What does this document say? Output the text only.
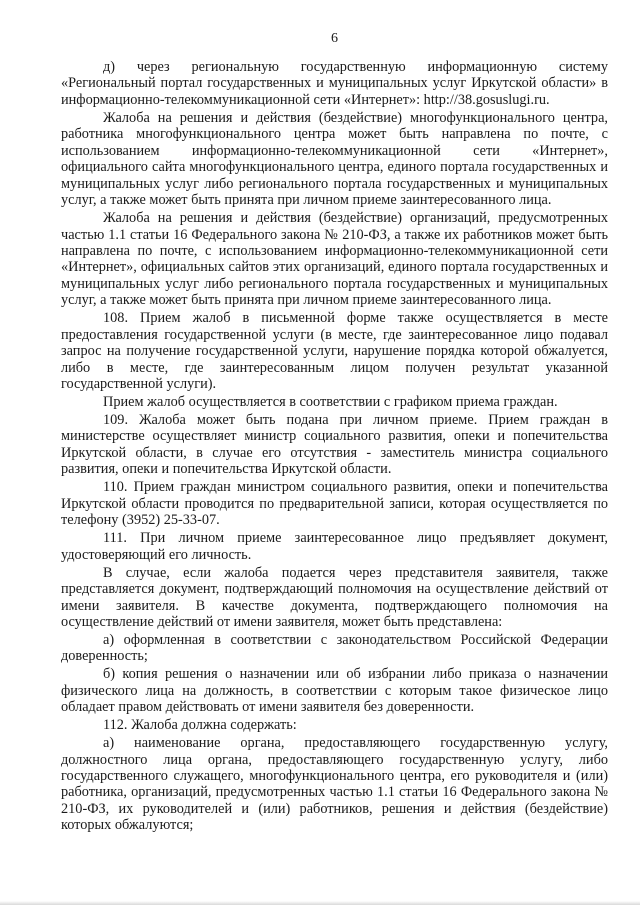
6

д) через региональную государственную информационную систему «Региональный портал государственных и муниципальных услуг Иркутской области» в информационно-телекоммуникационной сети «Интернет»: http://38.gosuslugi.ru.

Жалоба на решения и действия (бездействие) многофункционального центра, работника многофункционального центра может быть направлена по почте, с использованием информационно-телекоммуникационной сети «Интернет», официального сайта многофункционального центра, единого портала государственных и муниципальных услуг либо регионального портала государственных и муниципальных услуг, а также может быть принята при личном приеме заинтересованного лица.

Жалоба на решения и действия (бездействие) организаций, предусмотренных частью 1.1 статьи 16 Федерального закона № 210-ФЗ, а также их работников может быть направлена по почте, с использованием информационно-телекоммуникационной сети «Интернет», официальных сайтов этих организаций, единого портала государственных и муниципальных услуг либо регионального портала государственных и муниципальных услуг, а также может быть принята при личном приеме заинтересованного лица.

108. Прием жалоб в письменной форме также осуществляется в месте предоставления государственной услуги (в месте, где заинтересованное лицо подавал запрос на получение государственной услуги, нарушение порядка которой обжалуется, либо в месте, где заинтересованным лицом получен результат указанной государственной услуги).

Прием жалоб осуществляется в соответствии с графиком приема граждан.

109. Жалоба может быть подана при личном приеме. Прием граждан в министерстве осуществляет министр социального развития, опеки и попечительства Иркутской области, в случае его отсутствия - заместитель министра социального развития, опеки и попечительства Иркутской области.

110. Прием граждан министром социального развития, опеки и попечительства Иркутской области проводится по предварительной записи, которая осуществляется по телефону (3952) 25-33-07.

111. При личном приеме заинтересованное лицо предъявляет документ, удостоверяющий его личность.

В случае, если жалоба подается через представителя заявителя, также представляется документ, подтверждающий полномочия на осуществление действий от имени заявителя. В качестве документа, подтверждающего полномочия на осуществление действий от имени заявителя, может быть представлена:

а) оформленная в соответствии с законодательством Российской Федерации доверенность;

б) копия решения о назначении или об избрании либо приказа о назначении физического лица на должность, в соответствии с которым такое физическое лицо обладает правом действовать от имени заявителя без доверенности.

112. Жалоба должна содержать:

а) наименование органа, предоставляющего государственную услугу, должностного лица органа, предоставляющего государственную услугу, либо государственного служащего, многофункционального центра, его руководителя и (или) работника, организаций, предусмотренных частью 1.1 статьи 16 Федерального закона № 210-ФЗ, их руководителей и (или) работников, решения и действия (бездействие) которых обжалуются;
